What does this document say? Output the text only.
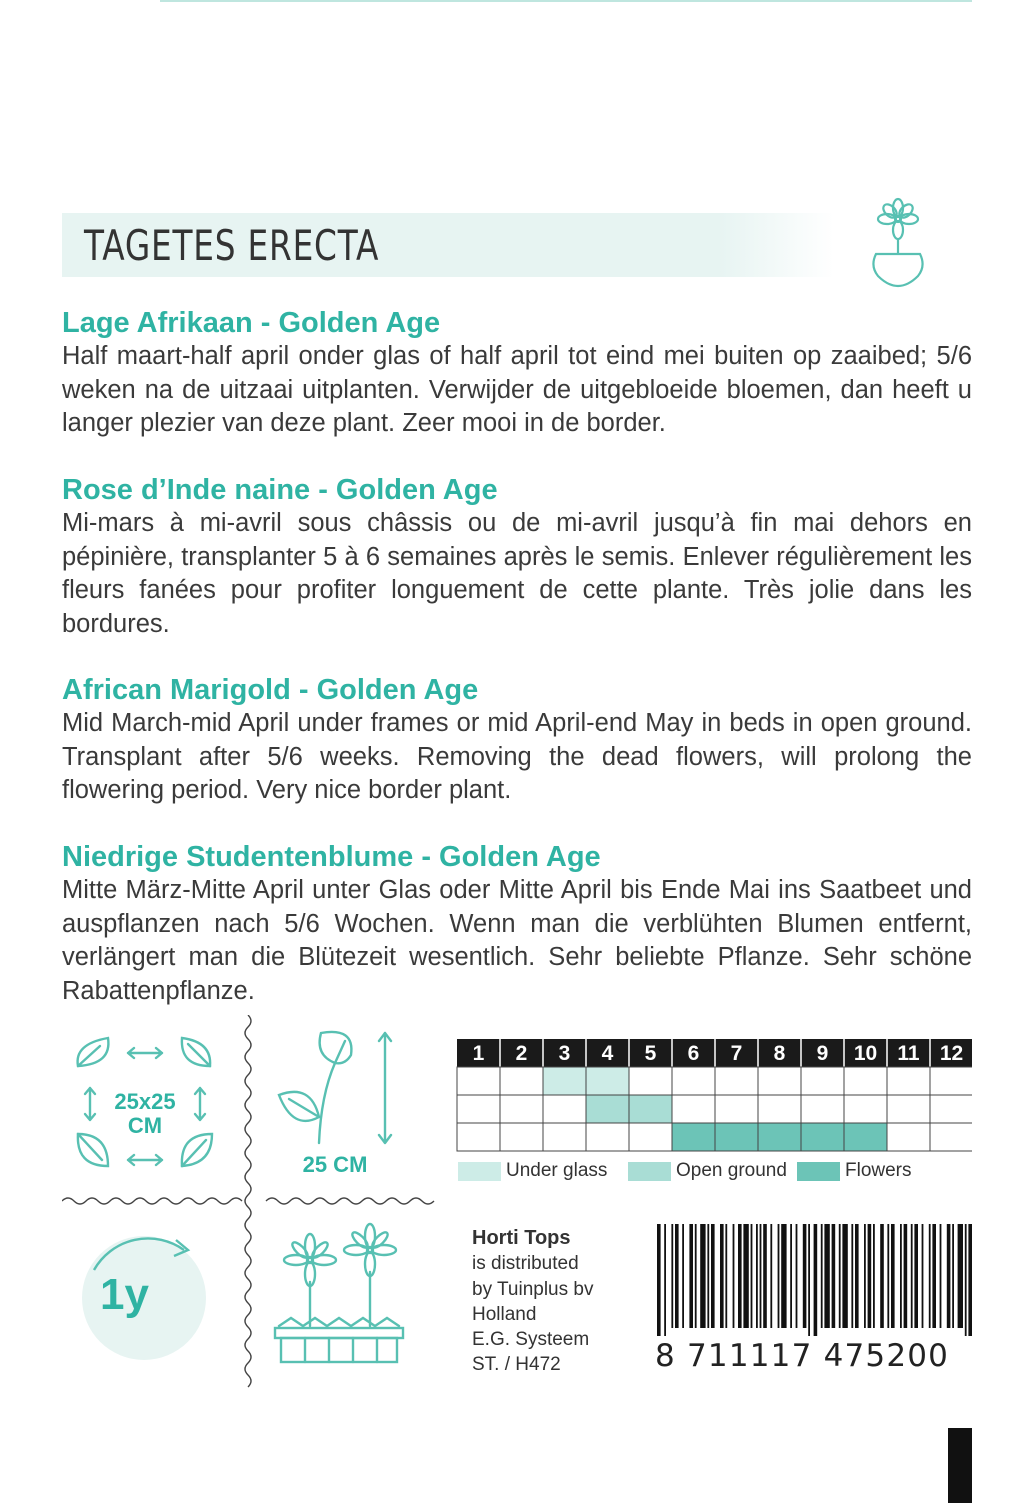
TAGETES ERECTA
Lage Afrikaan - Golden Age

Half maart-half april onder glas of half april tot eind mei buiten op zaaibed; 5/6 weken na de uitzaai uitplanten. Verwijder de uitgebloeide bloemen, dan heeft u langer plezier van deze plant. Zeer mooi in de border.

Rose d’Inde naine - Golden Age

Mi-mars à mi-avril sous châssis ou de mi-avril jusqu’à fin mai dehors en pépinière, transplanter 5 à 6 semaines après le semis. Enlever régulièrement les fleurs fanées pour profiter longuement de cette plante. Très jolie dans les bordures.

African Marigold - Golden Age

Mid March-mid April under frames or mid April-end May in beds in open ground. Transplant after 5/6 weeks. Removing the dead flowers, will prolong the flowering period. Very nice border plant.

Niedrige Studentenblume - Golden Age

Mitte März-Mitte April unter Glas oder Mitte April bis Ende Mai ins Saatbeet und auspflanzen nach 5/6 Wochen. Wenn man die verblühten Blumen entfernt, verlängert man die Blütezeit wesentlich. Sehr beliebte Pflanze. Sehr schöne Rabattenpflanze.

25x25
CM
25 CM
1y
1 2 3 4 5 6 7 8 9 10 11 12
Under glass	Open ground	Flowers
Horti Tops
is distributed
by Tuinplus bv
Holland
E.G. Systeem
ST. / H472	8 711117 475200
